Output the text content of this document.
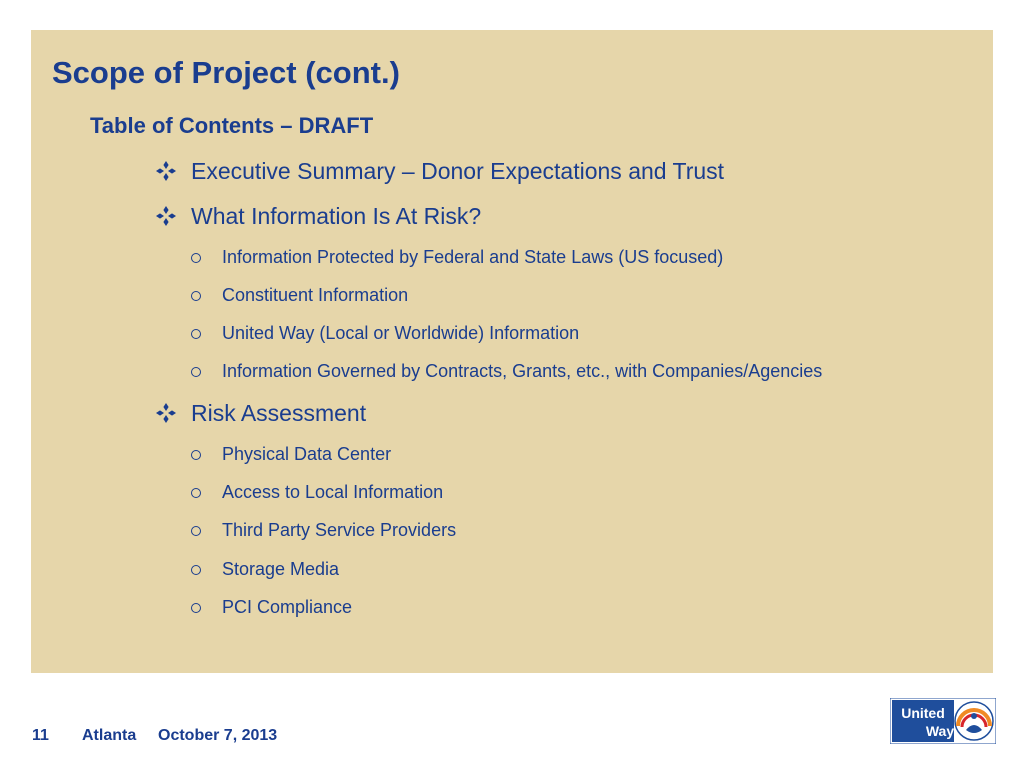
Scope of Project (cont.)
Table of Contents – DRAFT
Executive Summary – Donor Expectations and Trust
What Information Is At Risk?
Information Protected by Federal and State Laws (US focused)
Constituent Information
United Way (Local or Worldwide) Information
Information Governed by Contracts, Grants, etc., with Companies/Agencies
Risk Assessment
Physical Data Center
Access to Local Information
Third Party Service Providers
Storage Media
PCI Compliance
11 Atlanta October 7, 2013
United
Way
